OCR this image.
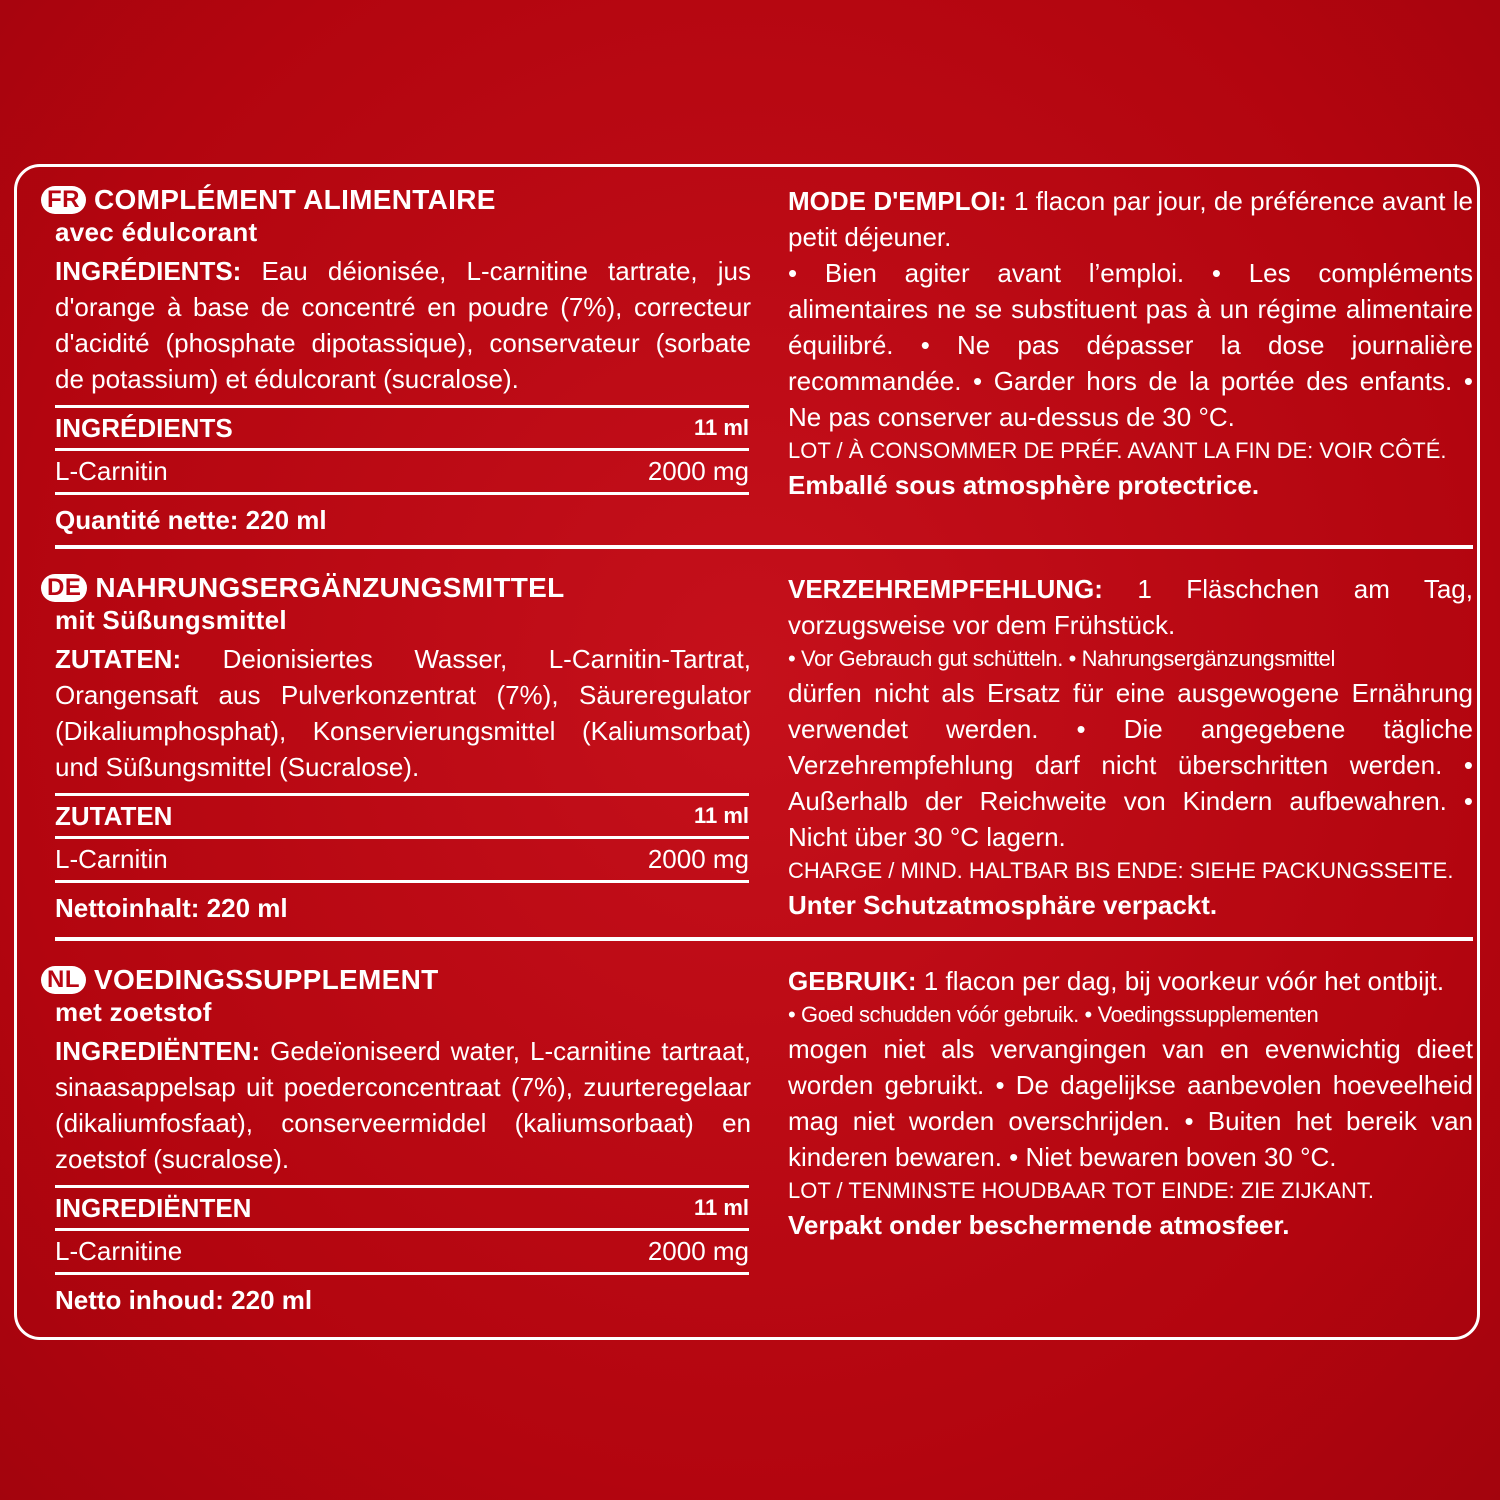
FR COMPLÉMENT ALIMENTAIRE
avec édulcorant

INGRÉDIENTS: Eau déionisée, L-carnitine tartrate, jus d'orange à base de concentré en poudre (7%), correcteur d'acidité (phosphate dipotassique), conservateur (sorbate de potassium) et édulcorant (sucralose).

INGRÉDIENTS	11 ml
L-Carnitin	2000 mg
Quantité nette: 220 ml

MODE D'EMPLOI: 1 flacon par jour, de préférence avant le petit déjeuner.

• Bien agiter avant l’emploi. • Les compléments alimentaires ne se substituent pas à un régime alimentaire équilibré. • Ne pas dépasser la dose journalière recommandée. • Garder hors de la portée des enfants. • Ne pas conserver au-dessus de 30 °C.

LOT / À CONSOMMER DE PRÉF. AVANT LA FIN DE: VOIR CÔTÉ.

Emballé sous atmosphère protectrice.

DE NAHRUNGSERGÄNZUNGSMITTEL
mit Süßungsmittel

ZUTATEN: Deionisiertes Wasser, L-Carnitin-Tartrat, Orangensaft aus Pulverkonzentrat (7%), Säureregulator (Dikaliumphosphat), Konservierungsmittel (Kaliumsorbat) und Süßungsmittel (Sucralose).

ZUTATEN	11 ml
L-Carnitin	2000 mg
Nettoinhalt: 220 ml

VERZEHREMPFEHLUNG: 1 Fläschchen am Tag, vorzugsweise vor dem Frühstück.

• Vor Gebrauch gut schütteln. • Nahrungsergänzungsmittel

dürfen nicht als Ersatz für eine ausgewogene Ernährung verwendet werden. • Die angegebene tägliche Verzehrempfehlung darf nicht überschritten werden. • Außerhalb der Reichweite von Kindern aufbewahren. • Nicht über 30 °C lagern.

CHARGE / MIND. HALTBAR BIS ENDE: SIEHE PACKUNGSSEITE.

Unter Schutzatmosphäre verpackt.

NL VOEDINGSSUPPLEMENT
met zoetstof

INGREDIËNTEN: Gedeïoniseerd water, L-carnitine tartraat, sinaasappelsap uit poederconcentraat (7%), zuurteregelaar (dikaliumfosfaat), conserveermiddel (kaliumsorbaat) en zoetstof (sucralose).

INGREDIËNTEN	11 ml
L-Carnitine	2000 mg
Netto inhoud: 220 ml

GEBRUIK: 1 flacon per dag, bij voorkeur vóór het ontbijt.

• Goed schudden vóór gebruik. • Voedingssupplementen

mogen niet als vervangingen van en evenwichtig dieet worden gebruikt. • De dagelijkse aanbevolen hoeveelheid mag niet worden overschrijden. • Buiten het bereik van kinderen bewaren. • Niet bewaren boven 30 °C.

LOT / TENMINSTE HOUDBAAR TOT EINDE: ZIE ZIJKANT.

Verpakt onder beschermende atmosfeer.
